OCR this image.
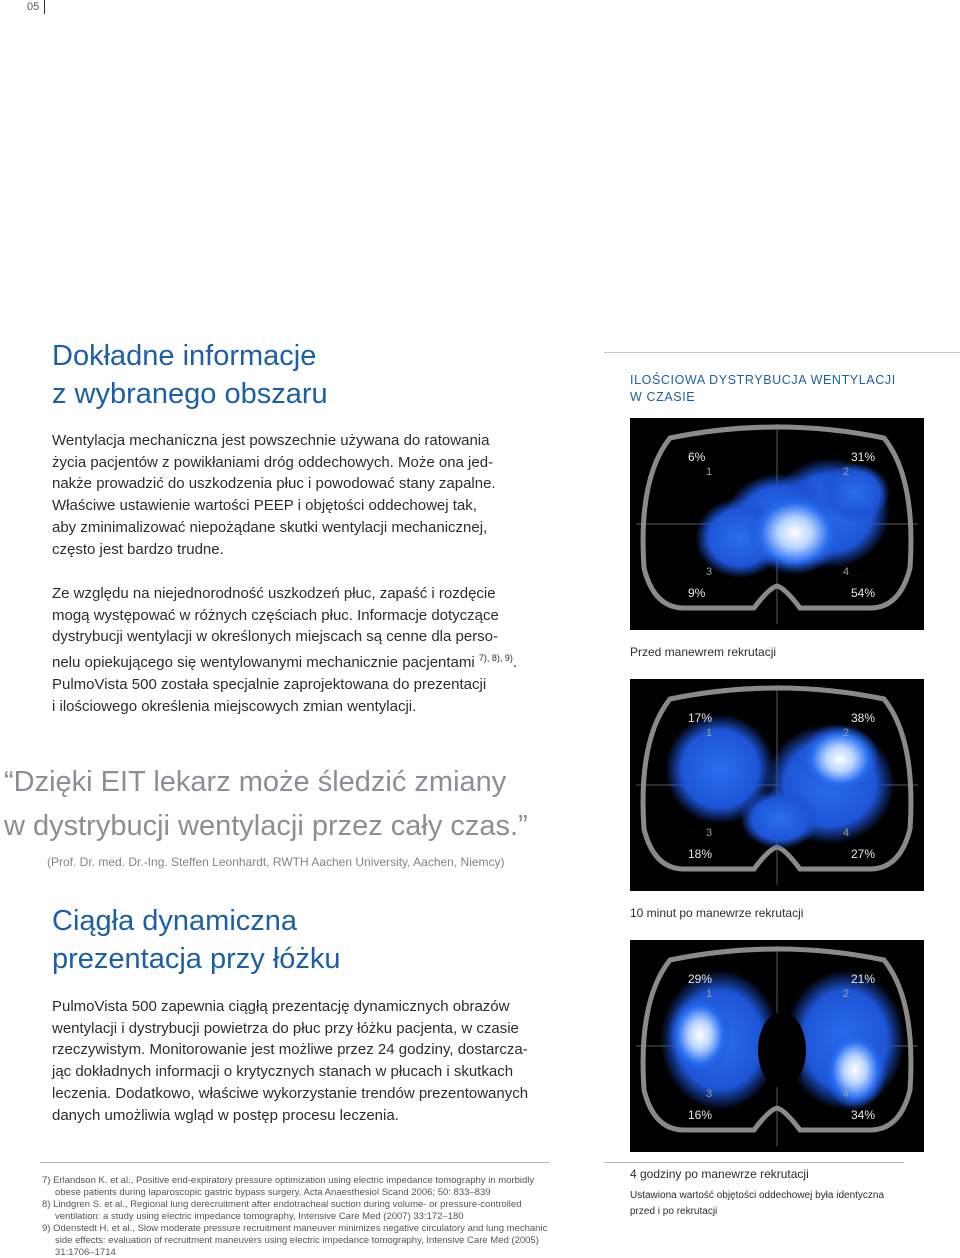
05
Dokładne informacje
z wybranego obszaru
Wentylacja mechaniczna jest powszechnie używana do ratowania
życia pacjentów z powikłaniami dróg oddechowych. Może ona jed-
nakże prowadzić do uszkodzenia płuc i powodować stany zapalne.
Właściwe ustawienie wartości PEEP i objętości oddechowej tak,
aby zminimalizować niepożądane skutki wentylacji mechanicznej,
często jest bardzo trudne.
Ze względu na niejednorodność uszkodzeń płuc, zapaść i rozdęcie
mogą występować w różnych częściach płuc. Informacje dotyczące
dystrybucji wentylacji w określonych miejscach są cenne dla perso-
nelu opiekującego się wentylowanymi mechanicznie pacjentami $^{7), 8), 9)}$.
PulmoVista 500 została specjalnie zaprojektowana do prezentacji
i ilościowego określenia miejscowych zmian wentylacji.
“Dzięki EIT lekarz może śledzić zmiany
w dystrybucji wentylacji przez cały czas.”
(Prof. Dr. med. Dr.-Ing. Steffen Leonhardt, RWTH Aachen University, Aachen, Niemcy)
Ciągła dynamiczna
prezentacja przy łóżku
PulmoVista 500 zapewnia ciągłą prezentację dynamicznych obrazów
wentylacji i dystrybucji powietrza do płuc przy łóżku pacjenta, w czasie
rzeczywistym. Monitorowanie jest możliwe przez 24 godziny, dostarcza-
jąc dokładnych informacji o krytycznych stanach w płucach i skutkach
leczenia. Dodatkowo, właściwe wykorzystanie trendów prezentowanych
danych umożliwia wgląd w postęp procesu leczenia.
ILOŚCIOWA DYSTRYBUCJA WENTYLACJI
W CZASIE
6%	31%
1	2
3	4
9%	54%
Przed manewrem rekrutacji
17%	38%
1	2
3	4
18%	27%
10 minut po manewrze rekrutacji
29%	21%
1	2
3	4
16%	34%
4 godziny po manewrze rekrutacji
Ustawiona wartość objętości oddechowej była identyczna
przed i po rekrutacji
7) Erlandson K. et al., Positive end-expiratory pressure optimization using electric impedance tomography in morbidly
obese patients during laparoscopic gastric bypass surgery, Acta Anaesthesiol Scand 2006; 50: 833–839
8) Lindgren S. et al., Regional lung derecruitment after endotracheal suction during volume- or pressure-controlled
ventilation: a study using electric impedance tomography, Intensive Care Med (2007) 33:172–180
9) Odenstedt H. et al., Slow moderate pressure recruitment maneuver minimizes negative circulatory and lung mechanic
side effects: evaluation of recruitment maneuvers using electric impedance tomography, Intensive Care Med (2005)
31:1706–1714
